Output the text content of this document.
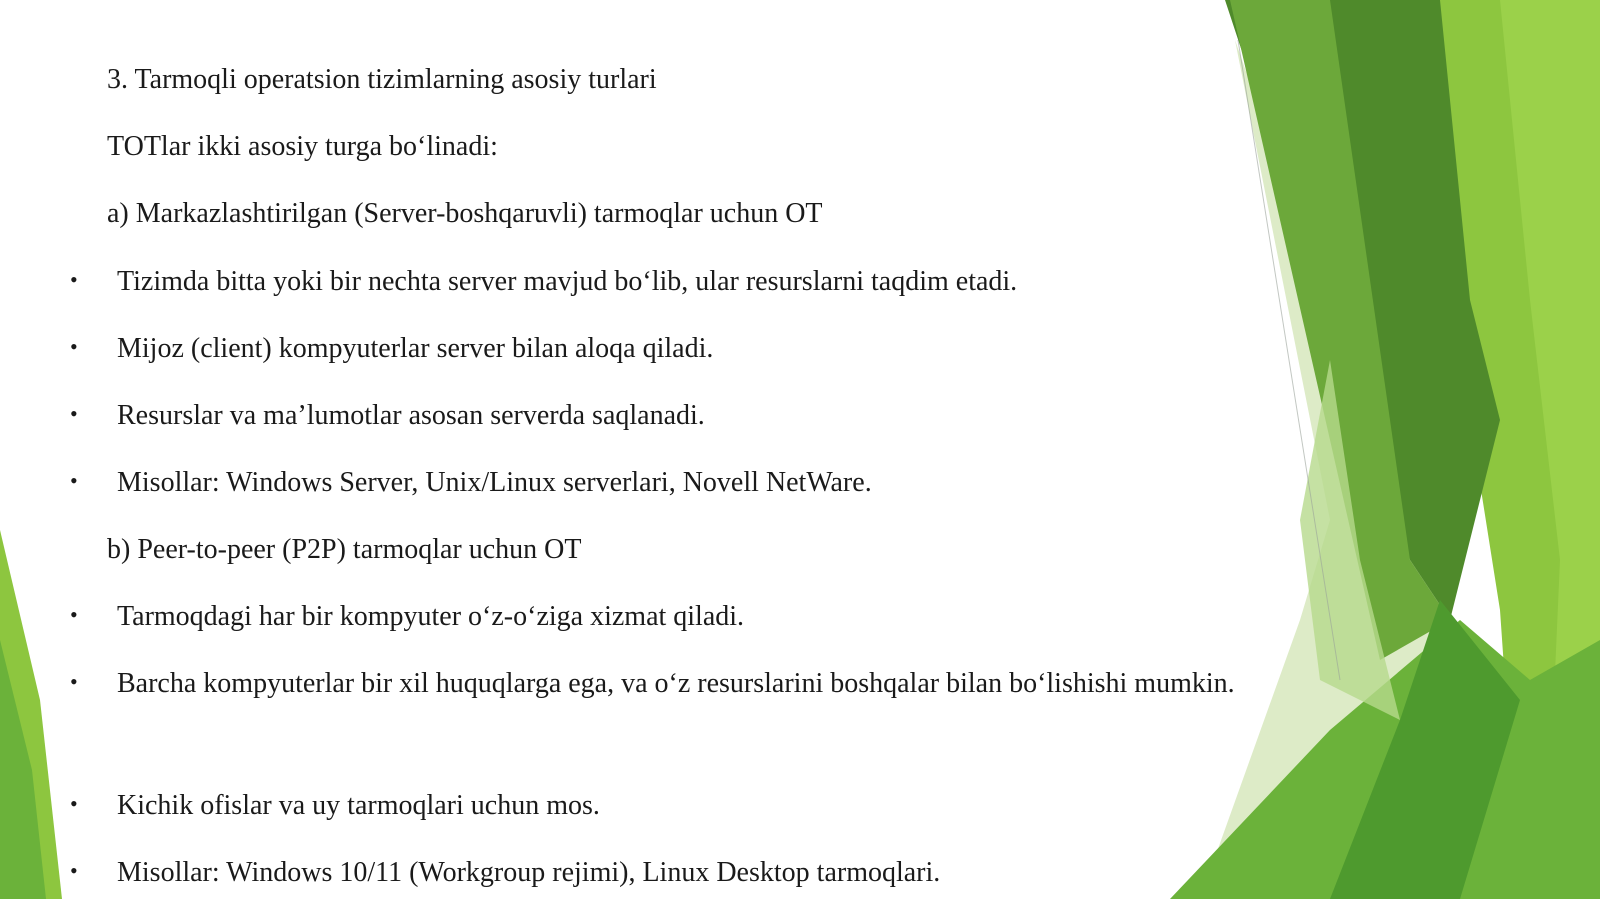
3. Tarmoqli operatsion tizimlarning asosiy turlari
TOTlar ikki asosiy turga bo‘linadi:
a) Markazlashtirilgan (Server-boshqaruvli) tarmoqlar uchun OT
•	Tizimda bitta yoki bir nechta server mavjud bo‘lib, ular resurslarni taqdim etadi.
•	Mijoz (client) kompyuterlar server bilan aloqa qiladi.
•	Resurslar va ma’lumotlar asosan serverda saqlanadi.
•	Misollar: Windows Server, Unix/Linux serverlari, Novell NetWare.
b) Peer-to-peer (P2P) tarmoqlar uchun OT
•	Tarmoqdagi har bir kompyuter o‘z-o‘ziga xizmat qiladi.
•	Barcha kompyuterlar bir xil huquqlarga ega, va o‘z resurslarini boshqalar bilan bo‘lishishi mumkin.
•	Kichik ofislar va uy tarmoqlari uchun mos.
•	Misollar: Windows 10/11 (Workgroup rejimi), Linux Desktop tarmoqlari.
